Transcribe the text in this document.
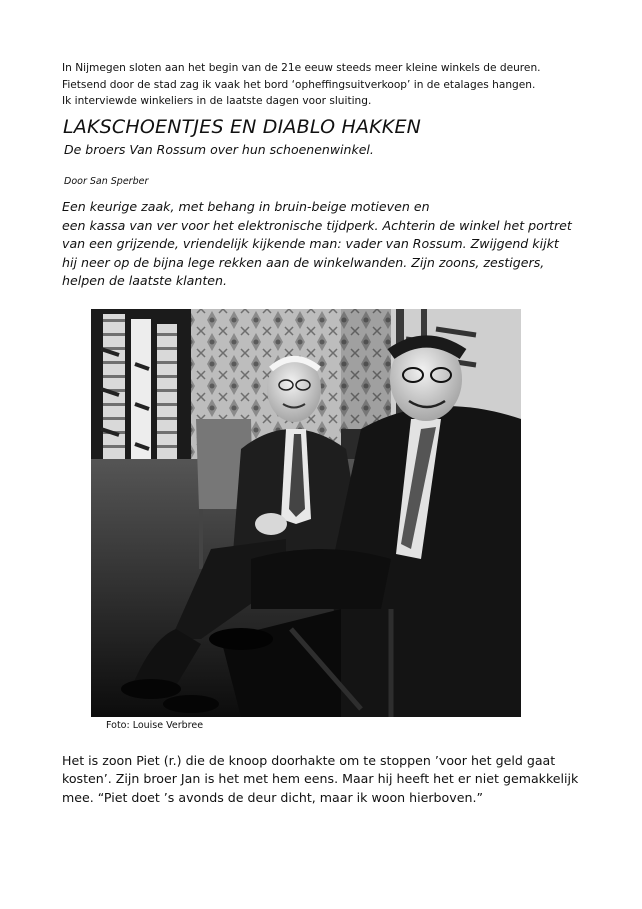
In Nijmegen sloten aan het begin van de 21e eeuw steeds meer kleine winkels de deuren.

Fietsend door de stad zag ik vaak het bord ‘opheffingsuitverkoop’ in de etalages hangen.

Ik interviewde winkeliers in de laatste dagen voor sluiting.

LAKSCHOENTJES EN DIABLO HAKKEN

De broers Van Rossum over hun schoenenwinkel.

Door San Sperber

Een keurige zaak, met behang in bruin-beige motieven en

een kassa van ver voor het elektronische tijdperk. Achterin de winkel het portret

van een grijzende, vriendelijk kijkende man: vader van Rossum. Zwijgend kijkt

hij neer op de bijna lege rekken aan de winkelwanden. Zijn zoons, zestigers,

helpen de laatste klanten.

Foto: Louise Verbree

Het is zoon Piet (r.) die de knoop doorhakte om te stoppen ’voor het geld gaat

kosten’. Zijn broer Jan is het met hem eens. Maar hij heeft het er niet gemakkelijk

mee. “Piet doet ’s avonds de deur dicht, maar ik woon hierboven.”
